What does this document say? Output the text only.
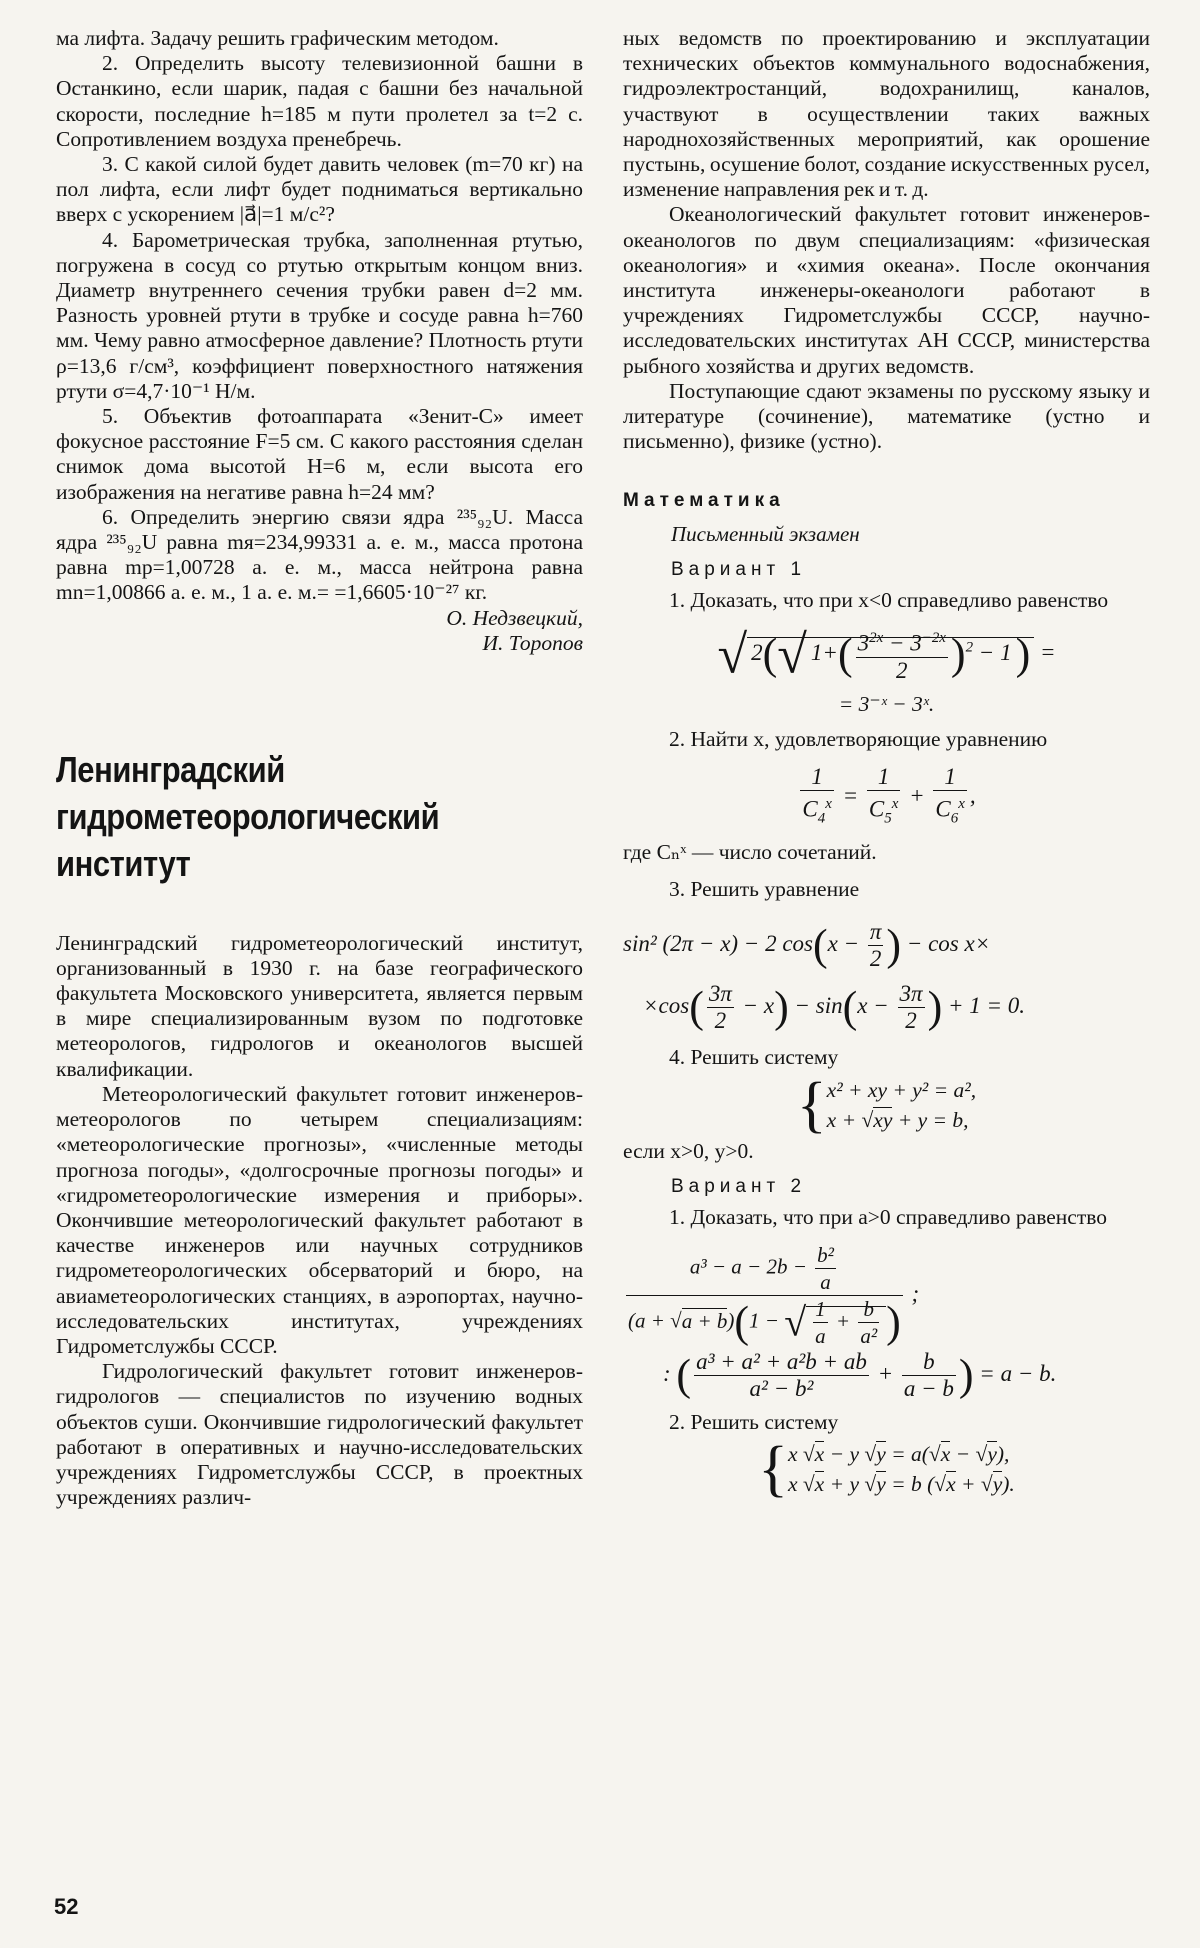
ма лифта. Задачу решить графическим методом.

2. Определить высоту телевизионной башни в Останкино, если шарик, падая с башни без начальной скорости, последние h=185 м пути пролетел за t=2 с. Сопротивлением воздуха пренебречь.

3. С какой силой будет давить человек (m=70 кг) на пол лифта, если лифт будет подниматься вертикально вверх с ускорением |a⃗|=1 м/с²?

4. Барометрическая трубка, заполненная ртутью, погружена в сосуд со ртутью открытым концом вниз. Диаметр внутреннего сечения трубки равен d=2 мм. Разность уровней ртути в трубке и сосуде равна h=760 мм. Чему равно атмосферное давление? Плотность ртути ρ=13,6 г/см³, коэффициент поверхностного натяжения ртути σ=4,7·10⁻¹ Н/м.

5. Объектив фотоаппарата «Зенит-С» имеет фокусное расстояние F=5 см. С какого расстояния сделан снимок дома высотой H=6 м, если высота его изображения на негативе равна h=24 мм?

6. Определить энергию связи ядра ²³⁵₉₂U. Масса ядра ²³⁵₉₂U равна mя=234,99331 а. е. м., масса протона равна mp=1,00728 а. е. м., масса нейтрона равна mn=1,00866 а. е. м., 1 а. е. м.= =1,6605·10⁻²⁷ кг.

О. Недзвецкий,
И. Торопов
Ленинградский
гидрометеорологический
институт

Ленинградский гидрометеорологический институт, организованный в 1930 г. на базе географического факультета Московского университета, является первым в мире специализированным вузом по подготовке метеорологов, гидрологов и океанологов высшей квалификации.

Метеорологический факультет готовит инженеров-метеорологов по четырем специализациям: «метеорологические прогнозы», «численные методы прогноза погоды», «долгосрочные прогнозы погоды» и «гидрометеорологические измерения и приборы». Окончившие метеорологический факультет работают в качестве инженеров или научных сотрудников гидрометеорологических обсерваторий и бюро, на авиаметеорологических станциях, в аэропортах, научно-исследовательских институтах, учреждениях Гидрометслужбы СССР.

Гидрологический факультет готовит инженеров-гидрологов — специалистов по изучению водных объектов суши. Окончившие гидрологический факультет работают в оперативных и научно-исследовательских учреждениях Гидрометслужбы СССР, в проектных учреждениях различ-

ных ведомств по проектированию и эксплуатации технических объектов коммунального водоснабжения, гидроэлектростанций, водохранилищ, каналов, участвуют в осуществлении таких важных народнохозяйственных мероприятий, как орошение пустынь, осушение болот, создание искусственных русел, изменение направления рек и т. д.

Океанологический факультет готовит инженеров-океанологов по двум специализациям: «физическая океанология» и «химия океана». После окончания института инженеры-океанологи работают в учреждениях Гидрометслужбы СССР, научно-исследовательских институтах АН СССР, министерства рыбного хозяйства и других ведомств.

Поступающие сдают экзамены по русскому языку и литературе (сочинение), математике (устно и письменно), физике (устно).

Математика
Письменный экзамен
Вариант 1

1. Доказать, что при x<0 справедливо равенство

√ 2(√ $1+( \frac{3^{2x} - 3^{-2x}}{2} )^2 - 1$) =
= 3⁻ˣ − 3ˣ.

2. Найти x, удовлетворяющие уравнению

$\frac{1}{C_4^x} = \frac{1}{C_5^x} + \frac{1}{C_6^x}$ ,

где Cₙˣ — число сочетаний.

3. Решить уравнение

sin² (2π − x) − 2 $\cos(x - \frac{\pi}{2}$ ) − cos x×
$\times\cos( \frac{3\pi}{2} - x) - \sin(x - \frac{3\pi}{2}$ ) + 1 = 0.

4. Решить систему

{x² + xy + y² = a²,
x + √xy + y = b,

если x>0, y>0.

Вариант 2

1. Доказать, что при a>0 справедливо равенство

$\frac{a^3 - a - 2b - \frac{\text{b²}}{a}}{(a + √a + b)(1 - √ \frac{1}{a} + \frac{b}{\text{a²}} )}$ ;
: ( $\frac{\text{a³ + a² + a²b + ab}}{\text{a² − b²}} + \frac{b}{a - b}$ ) = a − b.

2. Решить систему

{x √x − y √y = a(√x − √y),
x √x + y √y = b (√x + √y).
52
